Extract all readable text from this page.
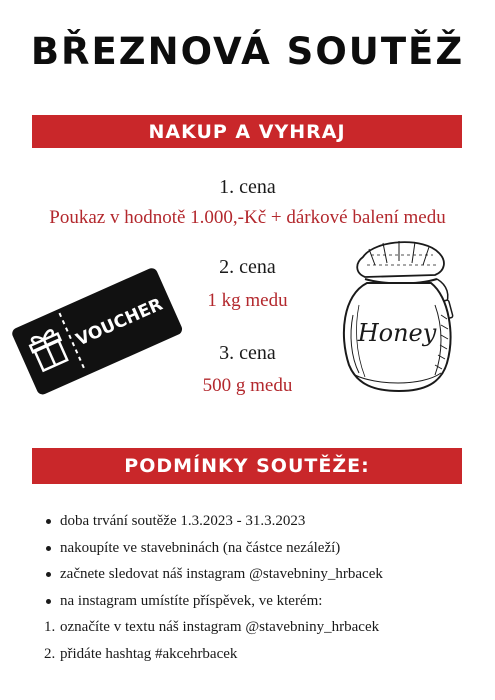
BŘEZNOVÁ SOUTĚŽ
NAKUP A VYHRAJ
1. cena
Poukaz v hodnotě 1.000,-Kč + dárkové balení medu
2. cena
1 kg medu
3. cena
500 g medu
VOUCHER	Honey
PODMÍNKY SOUTĚŽE:
doba trvání soutěže 1.3.2023 - 31.3.2023
nakoupíte ve stavebninách (na částce nezáleží)
začnete sledovat náš instagram @stavebniny_hrbacek
na instagram umístíte příspěvek, ve kterém:
1. označíte v textu náš instagram @stavebniny_hrbacek
2. přidáte hashtag #akcehrbacek
